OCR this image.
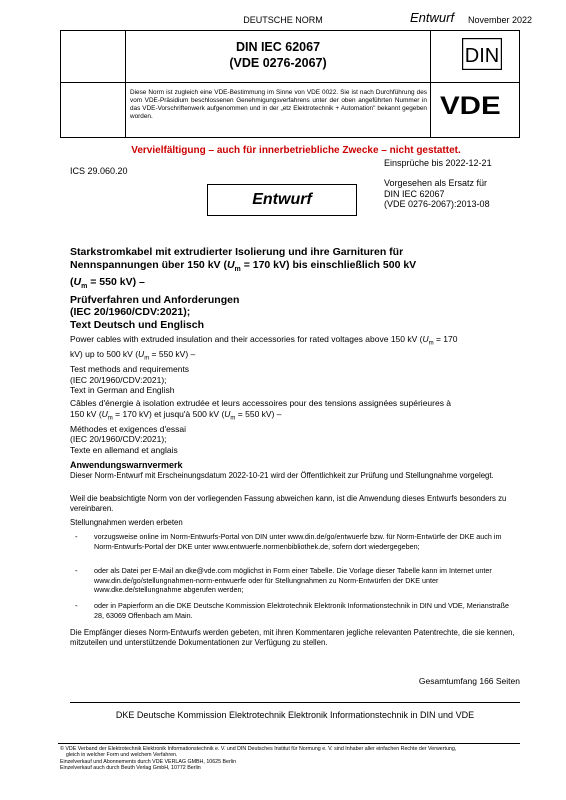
DEUTSCHE NORM	Entwurf November 2022
DIN IEC 62067
(VDE 0276-2067)	DIN
VDE
Diese Norm ist zugleich eine VDE-Bestimmung im Sinne von VDE 0022. Sie ist nach Durchführung des vom VDE-Präsidium beschlossenen Genehmigungsverfahrens unter der oben angeführten Nummer in das VDE-Vorschriftenwerk aufgenommen und in der „etz Elektrotechnik + Automation" bekannt gegeben worden.
Vervielfältigung – auch für innerbetriebliche Zwecke – nicht gestattet.
Einsprüche bis 2022-12-21
ICS 29.060.20
Entwurf
Vorgesehen als Ersatz für
DIN IEC 62067
(VDE 0276-2067):2013-08
Starkstromkabel mit extrudierter Isolierung und ihre Garnituren für
Nennspannungen über 150 kV ($U_m = 170$ kV) bis einschließlich 500 kV
($U_m = 550$ kV) –
Prüfverfahren und Anforderungen
(IEC 20/1960/CDV:2021);
Text Deutsch und Englisch
Power cables with extruded insulation and their accessories for rated voltages above 150 kV ($U_m = 170$
kV) up to 500 kV ($U_m = 550$ kV) –
Test methods and requirements
(IEC 20/1960/CDV:2021);
Text in German and English
Câbles d'énergie à isolation extrudée et leurs accessoires pour des tensions assignées supérieures à
150 kV ($U_m = 170$ kV) et jusqu'à 500 kV ($U_m = 550$ kV) –
Méthodes et exigences d'essai
(IEC 20/1960/CDV:2021);
Texte en allemand et anglais
Anwendungswarnvermerk
Dieser Norm-Entwurf mit Erscheinungsdatum 2022-10-21 wird der Öffentlichkeit zur Prüfung und Stellungnahme vorgelegt.
Weil die beabsichtigte Norm von der vorliegenden Fassung abweichen kann, ist die Anwendung dieses Entwurfs besonders zu vereinbaren.
Stellungnahmen werden erbeten
- vorzugsweise online im Norm-Entwurfs-Portal von DIN unter www.din.de/go/entwuerfe bzw. für Norm-Entwürfe der DKE auch im Norm-Entwurfs-Portal der DKE unter www.entwuerfe.normenbibliothek.de, sofern dort wiedergegeben;
- oder als Datei per E-Mail an dke@vde.com möglichst in Form einer Tabelle. Die Vorlage dieser Tabelle kann im Internet unter www.din.de/go/stellungnahmen-norm-entwuerfe oder für Stellungnahmen zu Norm-Entwürfen der DKE unter www.dke.de/stellungnahme abgerufen werden;
- oder in Papierform an die DKE Deutsche Kommission Elektrotechnik Elektronik Informationstechnik in DIN und VDE, Merianstraße 28, 63069 Offenbach am Main.
Die Empfänger dieses Norm-Entwurfs werden gebeten, mit ihren Kommentaren jegliche relevanten Patentrechte, die sie kennen, mitzuteilen und unterstützende Dokumentationen zur Verfügung zu stellen.
Gesamtumfang 166 Seiten
DKE Deutsche Kommission Elektrotechnik Elektronik Informationstechnik in DIN und VDE
© VDE Verband der Elektrotechnik Elektronik Informationstechnik e. V. und DIN Deutsches Institut für Normung e. V. sind Inhaber aller einfachen Rechte der Verwertung,
gleich in welcher Form und welchem Verfahren.
Einzelverkauf und Abonnements durch VDE VERLAG GMBH, 10625 Berlin
Einzelverkauf auch durch Beuth Verlag GmbH, 10772 Berlin
